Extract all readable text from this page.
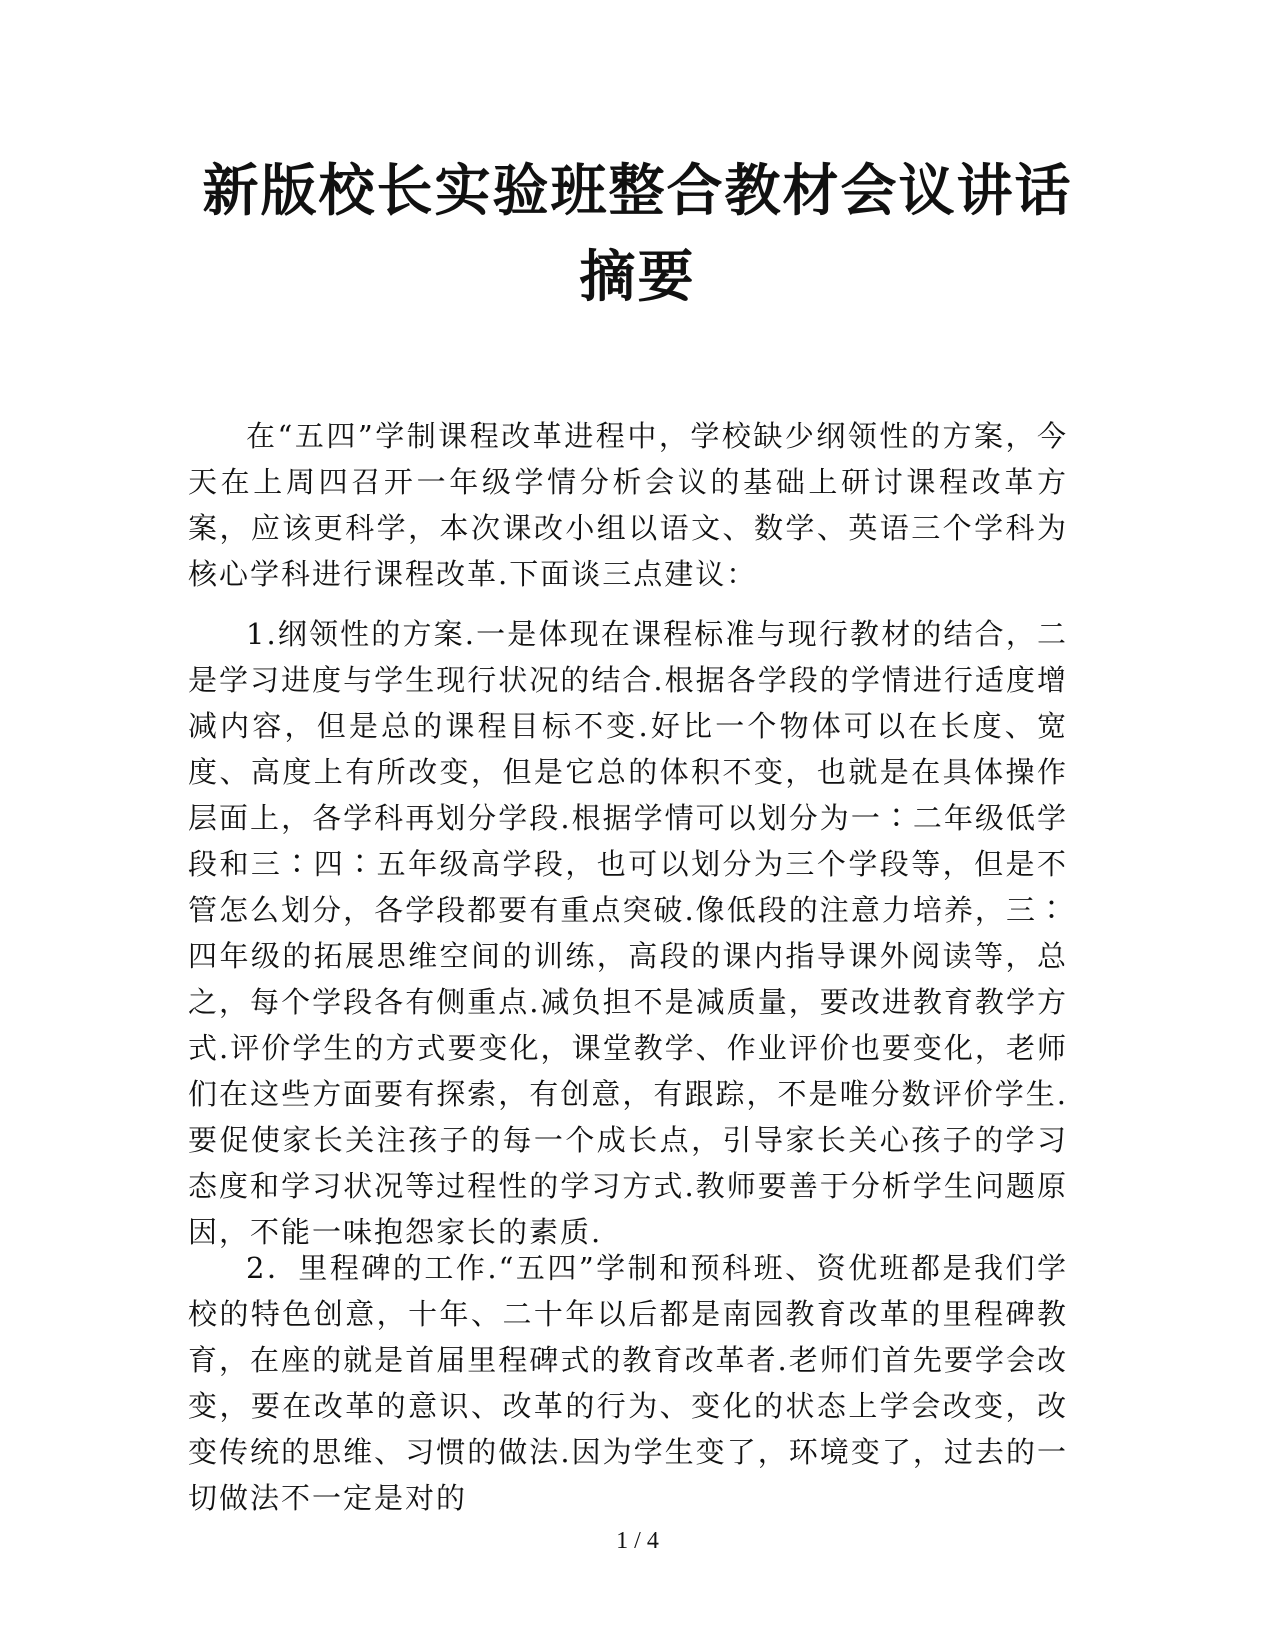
新版校长实验班整合教材会议讲话摘要

在“五四”学制课程改革进程中，学校缺少纲领性的方案，今天在上周四召开一年级学情分析会议的基础上研讨课程改革方案，应该更科学，本次课改小组以语文、数学、英语三个学科为核心学科进行课程改革.下面谈三点建议：

1.纲领性的方案.一是体现在课程标准与现行教材的结合，二是学习进度与学生现行状况的结合.根据各学段的学情进行适度增减内容，但是总的课程目标不变.好比一个物体可以在长度、宽度、高度上有所改变，但是它总的体积不变，也就是在具体操作层面上，各学科再划分学段.根据学情可以划分为一∶二年级低学段和三∶四∶五年级高学段，也可以划分为三个学段等，但是不管怎么划分，各学段都要有重点突破.像低段的注意力培养，三∶四年级的拓展思维空间的训练，高段的课内指导课外阅读等，总之，每个学段各有侧重点.减负担不是减质量，要改进教育教学方式.评价学生的方式要变化，课堂教学、作业评价也要变化，老师们在这些方面要有探索，有创意，有跟踪，不是唯分数评价学生.要促使家长关注孩子的每一个成长点，引导家长关心孩子的学习态度和学习状况等过程性的学习方式.教师要善于分析学生问题原因，不能一味抱怨家长的素质.

2．里程碑的工作.“五四”学制和预科班、资优班都是我们学校的特色创意，十年、二十年以后都是南园教育改革的里程碑教育，在座的就是首届里程碑式的教育改革者.老师们首先要学会改变，要在改革的意识、改革的行为、变化的状态上学会改变，改变传统的思维、习惯的做法.因为学生变了，环境变了，过去的一切做法不一定是对的

1 / 4
